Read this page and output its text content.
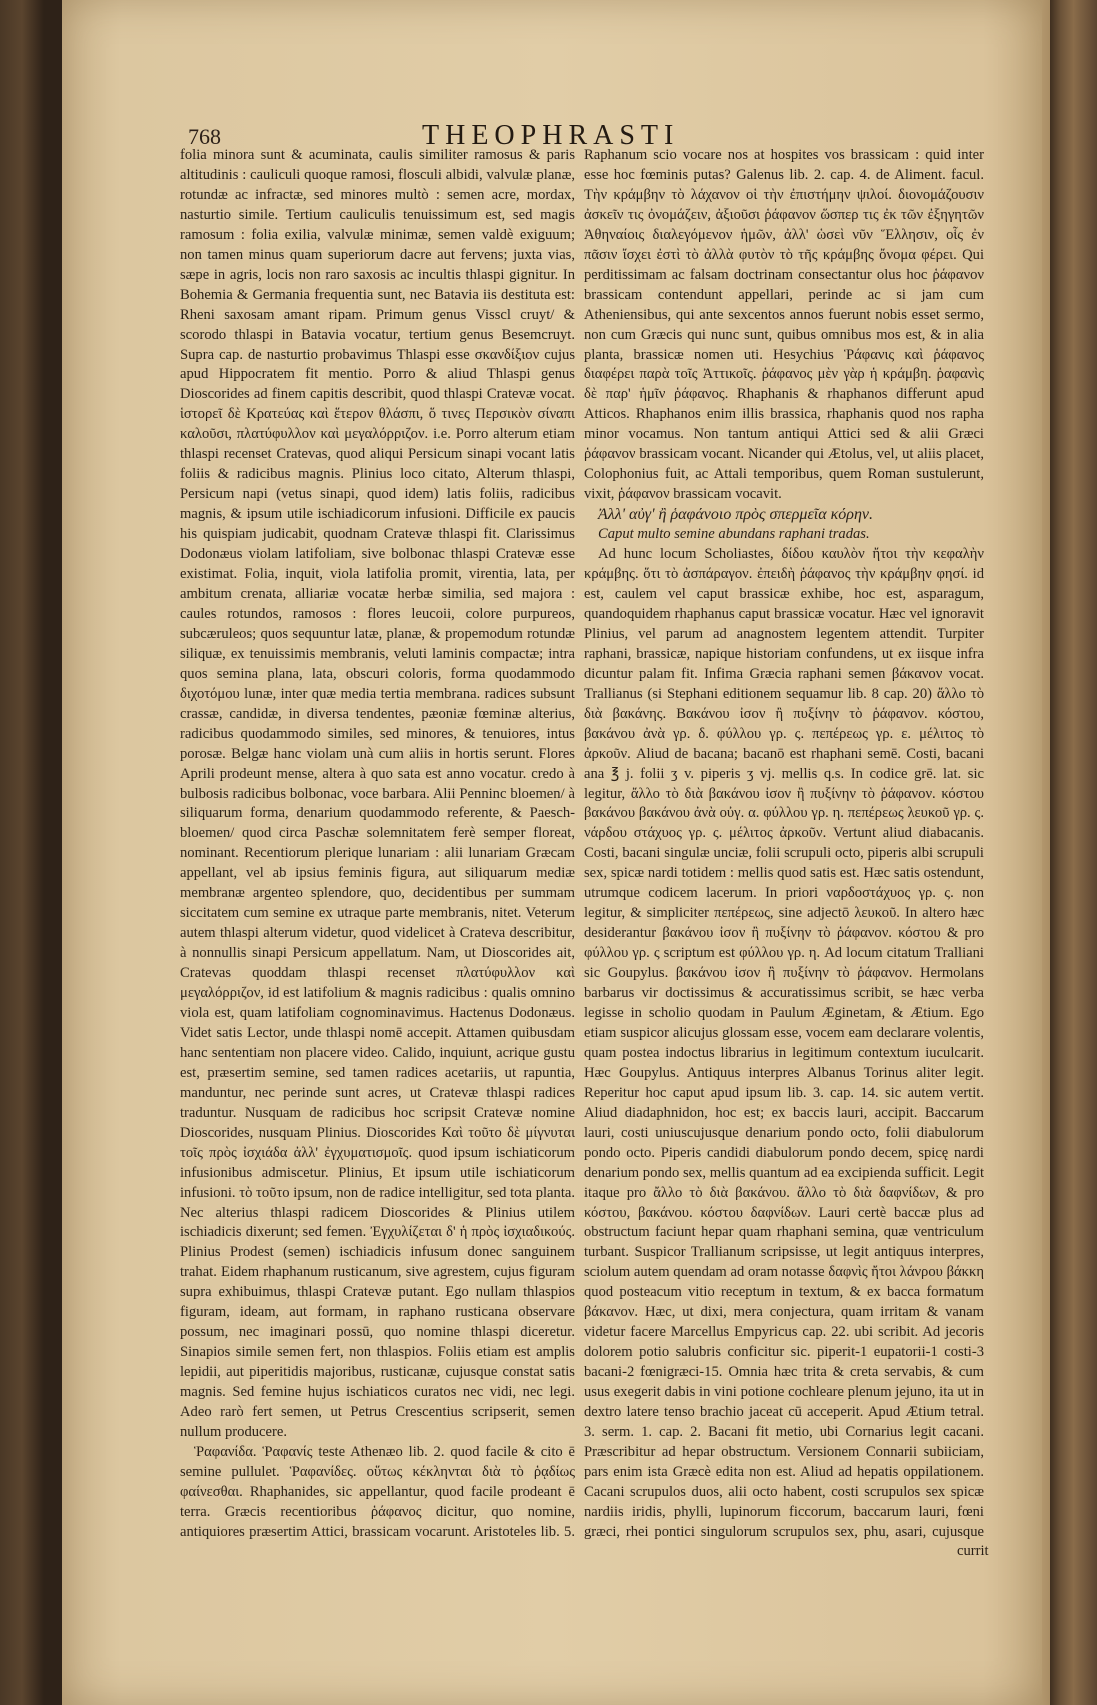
768	THEOPHRASTI

folia minora sunt & acuminata, caulis similiter ramosus & paris altitudinis : cauliculi quoque ramosi, flosculi albidi, valvulæ planæ, rotundæ ac infractæ, sed minores multò : semen acre, mordax, nasturtio simile. Tertium cauliculis tenuissimum est, sed magis ramosum : folia exilia, valvulæ minimæ, semen valdè exiguum; non tamen minus quam superiorum dacre aut fervens; juxta vias, sæpe in agris, locis non raro saxosis ac incultis thlaspi gignitur. In Bohemia & Germania frequentia sunt, nec Batavia iis destituta est: Rheni saxosam amant ripam. Primum genus Visscl cruyt/ & scorodo thlaspi in Batavia vocatur, tertium genus Besemcruyt. Supra cap. de nasturtio probavimus Thlaspi esse σκανδίξιον cujus apud Hippocratem fit mentio. Porro & aliud Thlaspi genus Dioscorides ad finem capitis describit, quod thlaspi Cratevæ vocat. ἱστορεῖ δὲ Κρατεύας καὶ ἕτερον θλάσπι, ὅ τινες Περσικὸν σίναπι καλοῦσι, πλατύφυλλον καὶ μεγαλόρριζον. i.e. Porro alterum etiam thlaspi recenset Cratevas, quod aliqui Persicum sinapi vocant latis foliis & radicibus magnis. Plinius loco citato, Alterum thlaspi, Persicum napi (vetus sinapi, quod idem) latis foliis, radicibus magnis, & ipsum utile ischiadicorum infusioni. Difficile ex paucis his quispiam judicabit, quodnam Cratevæ thlaspi fit. Clarissimus Dodonæus violam latifoliam, sive bolbonac thlaspi Cratevæ esse existimat. Folia, inquit, viola latifolia promit, virentia, lata, per ambitum crenata, alliariæ vocatæ herbæ similia, sed majora : caules rotundos, ramosos : flores leucoii, colore purpureos, subcæruleos; quos sequuntur latæ, planæ, & propemodum rotundæ siliquæ, ex tenuissimis membranis, veluti laminis compactæ; intra quos semina plana, lata, obscuri coloris, forma quodammodo διχοτόμου lunæ, inter quæ media tertia membrana. radices subsunt crassæ, candidæ, in diversa tendentes, pæoniæ fœminæ alterius, radicibus quodammodo similes, sed minores, & tenuiores, intus porosæ. Belgæ hanc violam unà cum aliis in hortis serunt. Flores Aprili prodeunt mense, altera à quo sata est anno vocatur. credo à bulbosis radicibus bolbonac, voce barbara. Alii Penninc bloemen/ à siliquarum forma, denarium quodammodo referente, & Paesch-bloemen/ quod circa Paschæ solemnitatem ferè semper floreat, nominant. Recentiorum plerique lunariam : alii lunariam Græcam appellant, vel ab ipsius feminis figura, aut siliquarum mediæ membranæ argenteo splendore, quo, decidentibus per summam siccitatem cum semine ex utraque parte membranis, nitet. Veterum autem thlaspi alterum videtur, quod videlicet à Crateva describitur, à nonnullis sinapi Persicum appellatum. Nam, ut Dioscorides ait, Cratevas quoddam thlaspi recenset πλατύφυλλον καὶ μεγαλόρριζον, id est latifolium & magnis radicibus : qualis omnino viola est, quam latifoliam cognominavimus. Hactenus Dodonæus. Videt satis Lector, unde thlaspi nomē accepit. Attamen quibusdam hanc sententiam non placere video. Calido, inquiunt, acrique gustu est, præsertim semine, sed tamen radices acetariis, ut rapuntia, manduntur, nec perinde sunt acres, ut Cratevæ thlaspi radices traduntur. Nusquam de radicibus hoc scripsit Cratevæ nomine Dioscorides, nusquam Plinius. Dioscorides Καὶ τοῦτο δὲ μίγνυται τοῖς πρὸς ἰσχιάδα ἀλλ' ἐγχυματισμοῖς. quod ipsum ischiaticorum infusionibus admiscetur. Plinius, Et ipsum utile ischiaticorum infusioni. τὸ τοῦτο ipsum, non de radice intelligitur, sed tota planta. Nec alterius thlaspi radicem Dioscorides & Plinius utilem ischiadicis dixerunt; sed femen. Ἐγχυλίζεται δ' ἡ πρὸς ἰσχιαδικούς. Plinius Prodest (semen) ischiadicis infusum donec sanguinem trahat. Eidem rhaphanum rusticanum, sive agrestem, cujus figuram supra exhibuimus, thlaspi Cratevæ putant. Ego nullam thlaspios figuram, ideam, aut formam, in raphano rusticana observare possum, nec imaginari possū, quo nomine thlaspi diceretur. Sinapios simile semen fert, non thlaspios. Foliis etiam est amplis lepidii, aut piperitidis majoribus, rusticanæ, cujusque constat satis magnis. Sed femine hujus ischiaticos curatos nec vidi, nec legi. Adeo rarò fert semen, ut Petrus Crescentius scripserit, semen nullum producere.

Ῥαφανίδα. Ῥαφανίς teste Athenæo lib. 2. quod facile & cito ē semine pullulet. Ῥαφανίδες. οὕτως κέκληνται διὰ τὸ ῥᾳδίως φαίνεσθαι. Rhaphanides, sic appellantur, quod facile prodeant ē terra. Græcis recentioribus ῥάφανος dicitur, quo nomine, antiquiores præsertim Attici, brassicam vocarunt. Aristoteles lib. 5.

Raphanum scio vocare nos at hospites vos brassicam : quid inter esse hoc fœminis putas? Galenus lib. 2. cap. 4. de Aliment. facul. Τὴν κράμβην τὸ λάχανον οἱ τὴν ἐπιστήμην ψιλοί. διονομάζουσιν ἀσκεῖν τις ὀνομάζειν, ἀξιοῦσι ῥάφανον ὥσπερ τις ἐκ τῶν ἐξηγητῶν Ἀθηναίοις διαλεγόμενον ἡμῶν, ἀλλ' ὡσεὶ νῦν Ἕλλησιν, οἷς ἐν πᾶσιν ἴσχει ἐστὶ τὸ ἀλλὰ φυτὸν τὸ τῆς κράμβης ὄνομα φέρει. Qui perditissimam ac falsam doctrinam consectantur olus hoc ῥάφανον brassicam contendunt appellari, perinde ac si jam cum Atheniensibus, qui ante sexcentos annos fuerunt nobis esset sermo, non cum Græcis qui nunc sunt, quibus omnibus mos est, & in alia planta, brassicæ nomen uti. Hesychius Ῥάφανις καὶ ῥάφανος διαφέρει παρὰ τοῖς Ἀττικοῖς. ῥάφανος μὲν γὰρ ἡ κράμβη. ῥαφανὶς δὲ παρ' ἡμῖν ῥάφανος. Rhaphanis & rhaphanos differunt apud Atticos. Rhaphanos enim illis brassica, rhaphanis quod nos rapha minor vocamus. Non tantum antiqui Attici sed & alii Græci ῥάφανον brassicam vocant. Nicander qui Ætolus, vel, ut aliis placet, Colophonius fuit, ac Attali temporibus, quem Roman sustulerunt, vixit, ῥάφανον brassicam vocavit.

Ἀλλ' αὐγ' ἢ ῥαφάνοιο πρὸς σπερμεῖα κόρην.

Caput multo semine abundans raphani tradas.

Ad hunc locum Scholiastes, δίδου καυλὸν ἤτοι τὴν κεφαλὴν κράμβης. ὅτι τὸ ἀσπάραγον. ἐπειδὴ ῥάφανος τὴν κράμβην φησί. id est, caulem vel caput brassicæ exhibe, hoc est, asparagum, quandoquidem rhaphanus caput brassicæ vocatur. Hæc vel ignoravit Plinius, vel parum ad anagnostem legentem attendit. Turpiter raphani, brassicæ, napique historiam confundens, ut ex iisque infra dicuntur palam fit. Infima Græcia raphani semen βάκανον vocat. Trallianus (si Stephani editionem sequamur lib. 8 cap. 20) ἄλλο τὸ διὰ βακάνης. Βακάνου ἰσον ἢ πυξίνην τὸ ῥάφανον. κόστου, βακάνου ἀνὰ γρ. δ. φύλλου γρ. ς. πεπέρεως γρ. ε. μέλιτος τὸ ἀρκοῦν. Aliud de bacana; bacanō est rhaphani semē. Costi, bacani ana ℥ j. folii ʒ v. piperis ʒ vj. mellis q.s. In codice grē. lat. sic legitur, ἄλλο τὸ διὰ βακάνου ἰσον ἢ πυξίνην τὸ ῥάφανον. κόστου βακάνου βακάνου ἀνὰ οὐγ. α. φύλλου γρ. η. πεπέρεως λευκοῦ γρ. ς. νάρδου στάχυος γρ. ς. μέλιτος ἀρκοῦν. Vertunt aliud diabacanis. Costi, bacani singulæ unciæ, folii scrupuli octo, piperis albi scrupuli sex, spicæ nardi totidem : mellis quod satis est. Hæc satis ostendunt, utrumque codicem lacerum. In priori ναρδοστάχυος γρ. ς. non legitur, & simpliciter πεπέρεως, sine adjectō λευκοῦ. In altero hæc desiderantur βακάνου ἰσον ἢ πυξίνην τὸ ῥάφανον. κόστου & pro φύλλου γρ. ς scriptum est φύλλου γρ. η. Ad locum citatum Tralliani sic Goupylus. βακάνου ἰσον ἢ πυξίνην τὸ ῥάφανον. Hermolans barbarus vir doctissimus & accuratissimus scribit, se hæc verba legisse in scholio quodam in Paulum Æginetam, & Ætium. Ego etiam suspicor alicujus glossam esse, vocem eam declarare volentis, quam postea indoctus librarius in legitimum contextum iuculcarit. Hæc Goupylus. Antiquus interpres Albanus Torinus aliter legit. Reperitur hoc caput apud ipsum lib. 3. cap. 14. sic autem vertit. Aliud diadaphnidon, hoc est; ex baccis lauri, accipit. Baccarum lauri, costi uniuscujusque denarium pondo octo, folii diabulorum pondo octo. Piperis candidi diabulorum pondo decem, spicę nardi denarium pondo sex, mellis quantum ad ea excipienda sufficit. Legit itaque pro ἄλλο τὸ διὰ βακάνου. ἄλλο τὸ διὰ δαφνίδων, & pro κόστου, βακάνου. κόστου δαφνίδων. Lauri certè baccæ plus ad obstructum faciunt hepar quam rhaphani semina, quæ ventriculum turbant. Suspicor Trallianum scripsisse, ut legit antiquus interpres, sciolum autem quendam ad oram notasse δαφνὶς ἤτοι λάνρου βάκκη quod posteacum vitio receptum in textum, & ex bacca formatum βάκανον. Hæc, ut dixi, mera conjectura, quam irritam & vanam videtur facere Marcellus Empyricus cap. 22. ubi scribit. Ad jecoris dolorem potio salubris conficitur sic. piperit-1 eupatorii-1 costi-3 bacani-2 fœnigræci-15. Omnia hæc trita & creta servabis, & cum usus exegerit dabis in vini potione cochleare plenum jejuno, ita ut in dextro latere tenso brachio jaceat cū acceperit. Apud Ætium tetral. 3. serm. 1. cap. 2. Bacani fit metio, ubi Cornarius legit cacani. Præscribitur ad hepar obstructum. Versionem Connarii subiiciam, pars enim ista Græcè edita non est. Aliud ad hepatis oppilationem. Cacani scrupulos duos, alii octo habent, costi scrupulos sex spicæ nardiis iridis, phylli, lupinorum ficcorum, baccarum lauri, fœni græci, rhei pontici singulorum scrupulos sex, phu, asari, cujusque

currit
